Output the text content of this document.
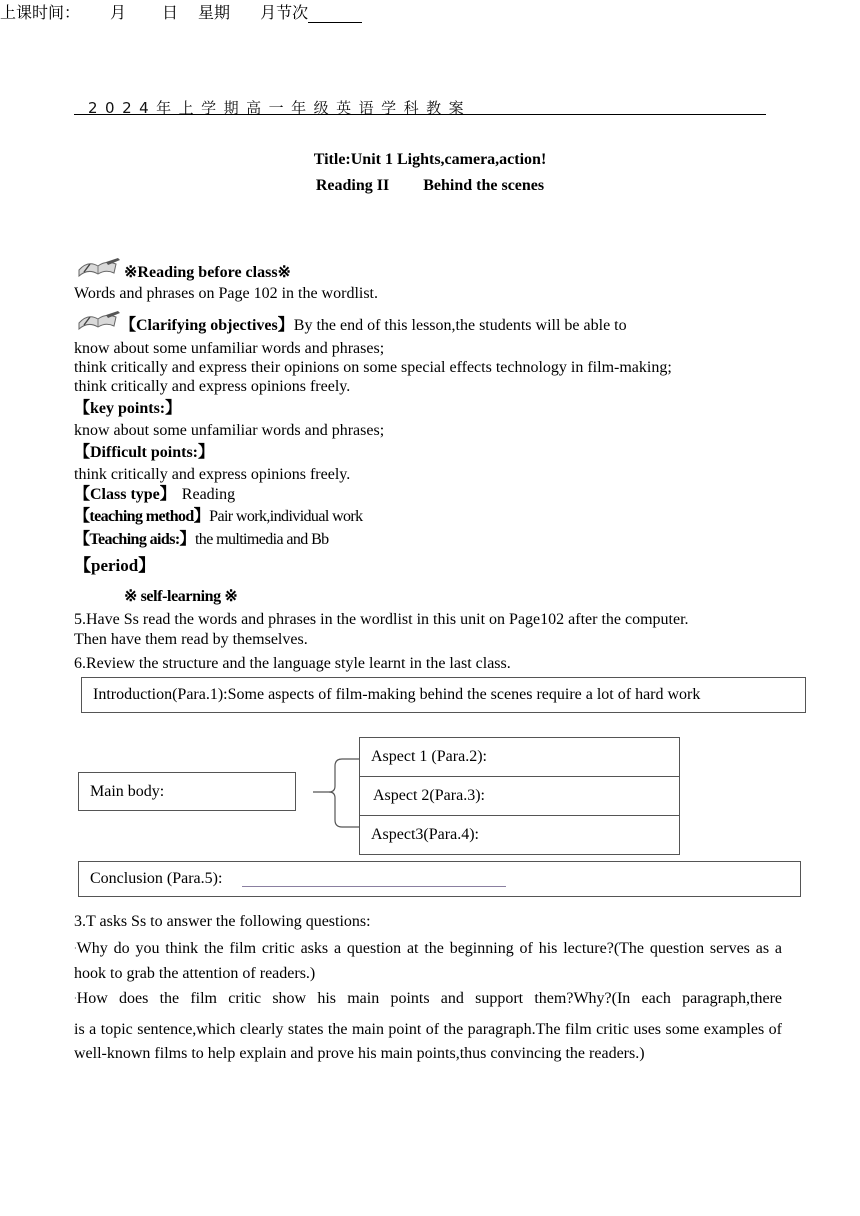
2024年上学期高一年级英语学科教案
Title:Unit 1 Lights,camera,action!
Reading II Behind the scenes
上课时间： 月 日 星期 月节次
※Reading before class※
Words and phrases on Page 102 in the wordlist.
【Clarifying objectives】By the end of this lesson,the students will be able to
know about some unfamiliar words and phrases;
think critically and express their opinions on some special effects technology in film-making;
think critically and express opinions freely.
【key points:】
know about some unfamiliar words and phrases;
【Difficult points:】
think critically and express opinions freely.
【Class type】 Reading
【teaching method】Pair work,individual work
【Teaching aids:】the multimedia and Bb
【period】
※ self-learning ※
5.Have Ss read the words and phrases in the wordlist in this unit on Page102 after the computer.
Then have them read by themselves.
6.Review the structure and the language style learnt in the last class.
Introduction(Para.1):Some aspects of film-making behind the scenes require a lot of hard work
Main body:
Aspect 1 (Para.2):
Aspect 2(Para.3):
Aspect3(Para.4):
Conclusion (Para.5):
3.T asks Ss to answer the following questions:
·Why do you think the film critic asks a question at the beginning of his lecture?(The question serves as a hook to grab the attention of readers.)
·How does the film critic show his main points and support them?Why?(In each paragraph,there
is a topic sentence,which clearly states the main point of the paragraph.The film critic uses some examples of well-known films to help explain and prove his main points,thus convincing the readers.)
